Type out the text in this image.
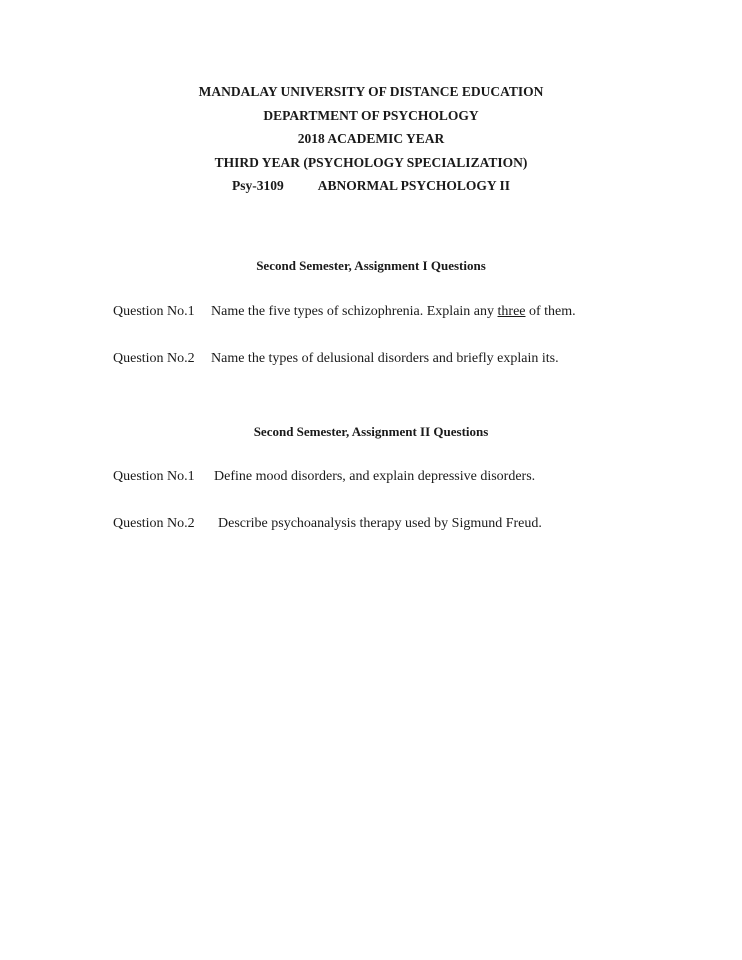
MANDALAY UNIVERSITY OF DISTANCE EDUCATION
DEPARTMENT OF PSYCHOLOGY
2018 ACADEMIC YEAR
THIRD YEAR (PSYCHOLOGY SPECIALIZATION)
Psy-3109	ABNORMAL PSYCHOLOGY II
Second Semester, Assignment I Questions
Question No.1 Name the five types of schizophrenia. Explain any three of them.
Question No.2 Name the types of delusional disorders and briefly explain its.
Second Semester, Assignment II Questions
Question No.1 Define mood disorders, and explain depressive disorders.
Question No.2 Describe psychoanalysis therapy used by Sigmund Freud.
